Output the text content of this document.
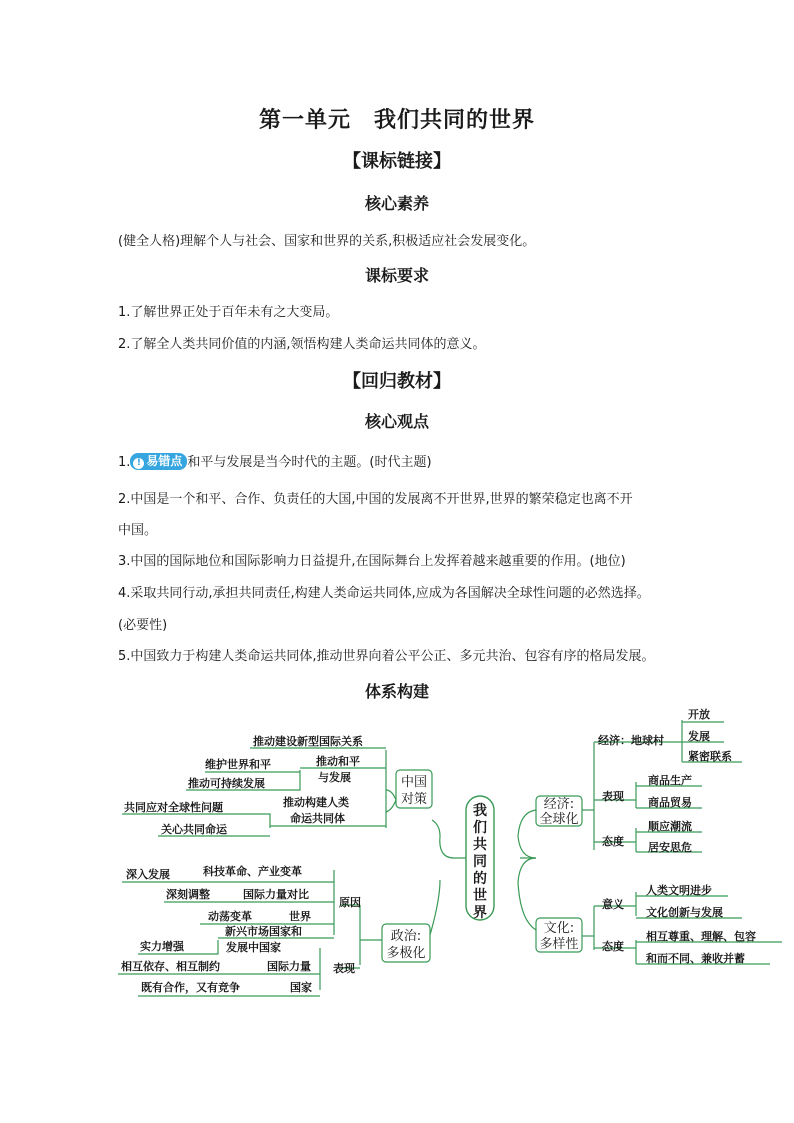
第一单元　我们共同的世界
【课标链接】
核心素养
(健全人格)理解个人与社会、国家和世界的关系,积极适应社会发展变化。
课标要求
1.了解世界正处于百年未有之大变局。
2.了解全人类共同价值的内涵,领悟构建人类命运共同体的意义。
【回归教材】
核心观点
1. ! 易错点 和平与发展是当今时代的主题。(时代主题)
2.中国是一个和平、合作、负责任的大国,中国的发展离不开世界,世界的繁荣稳定也离不开
中国。
3.中国的国际地位和国际影响力日益提升,在国际舞台上发挥着越来越重要的作用。(地位)
4.采取共同行动,承担共同责任,构建人类命运共同体,应成为各国解决全球性问题的必然选择。
(必要性)
5.中国致力于构建人类命运共同体,推动世界向着公平公正、多元共治、包容有序的格局发展。
体系构建
我
们
共
同
的
世
界
中国
对策
推动建设新型国际关系
维护世界和平	推动和平
与发展
推动可持续发展
共同应对全球性问题	推动构建人类
命运共同体
关心共同命运
政治:
多极化
原因
表现
深入发展	科技革命、产业变革
深刻调整	国际力量对比
动荡变革	世界
新兴市场国家和
发展中国家
实力增强
相互依存、相互制约	国际力量
既有合作，又有竞争	国家
经济:
全球化
经济：地球村
开放
发展
紧密联系
表现
商品生产
商品贸易
态度
顺应潮流
居安思危
文化:
多样性
意义
人类文明进步
文化创新与发展
态度
相互尊重、理解、包容
和而不同、兼收并蓄
